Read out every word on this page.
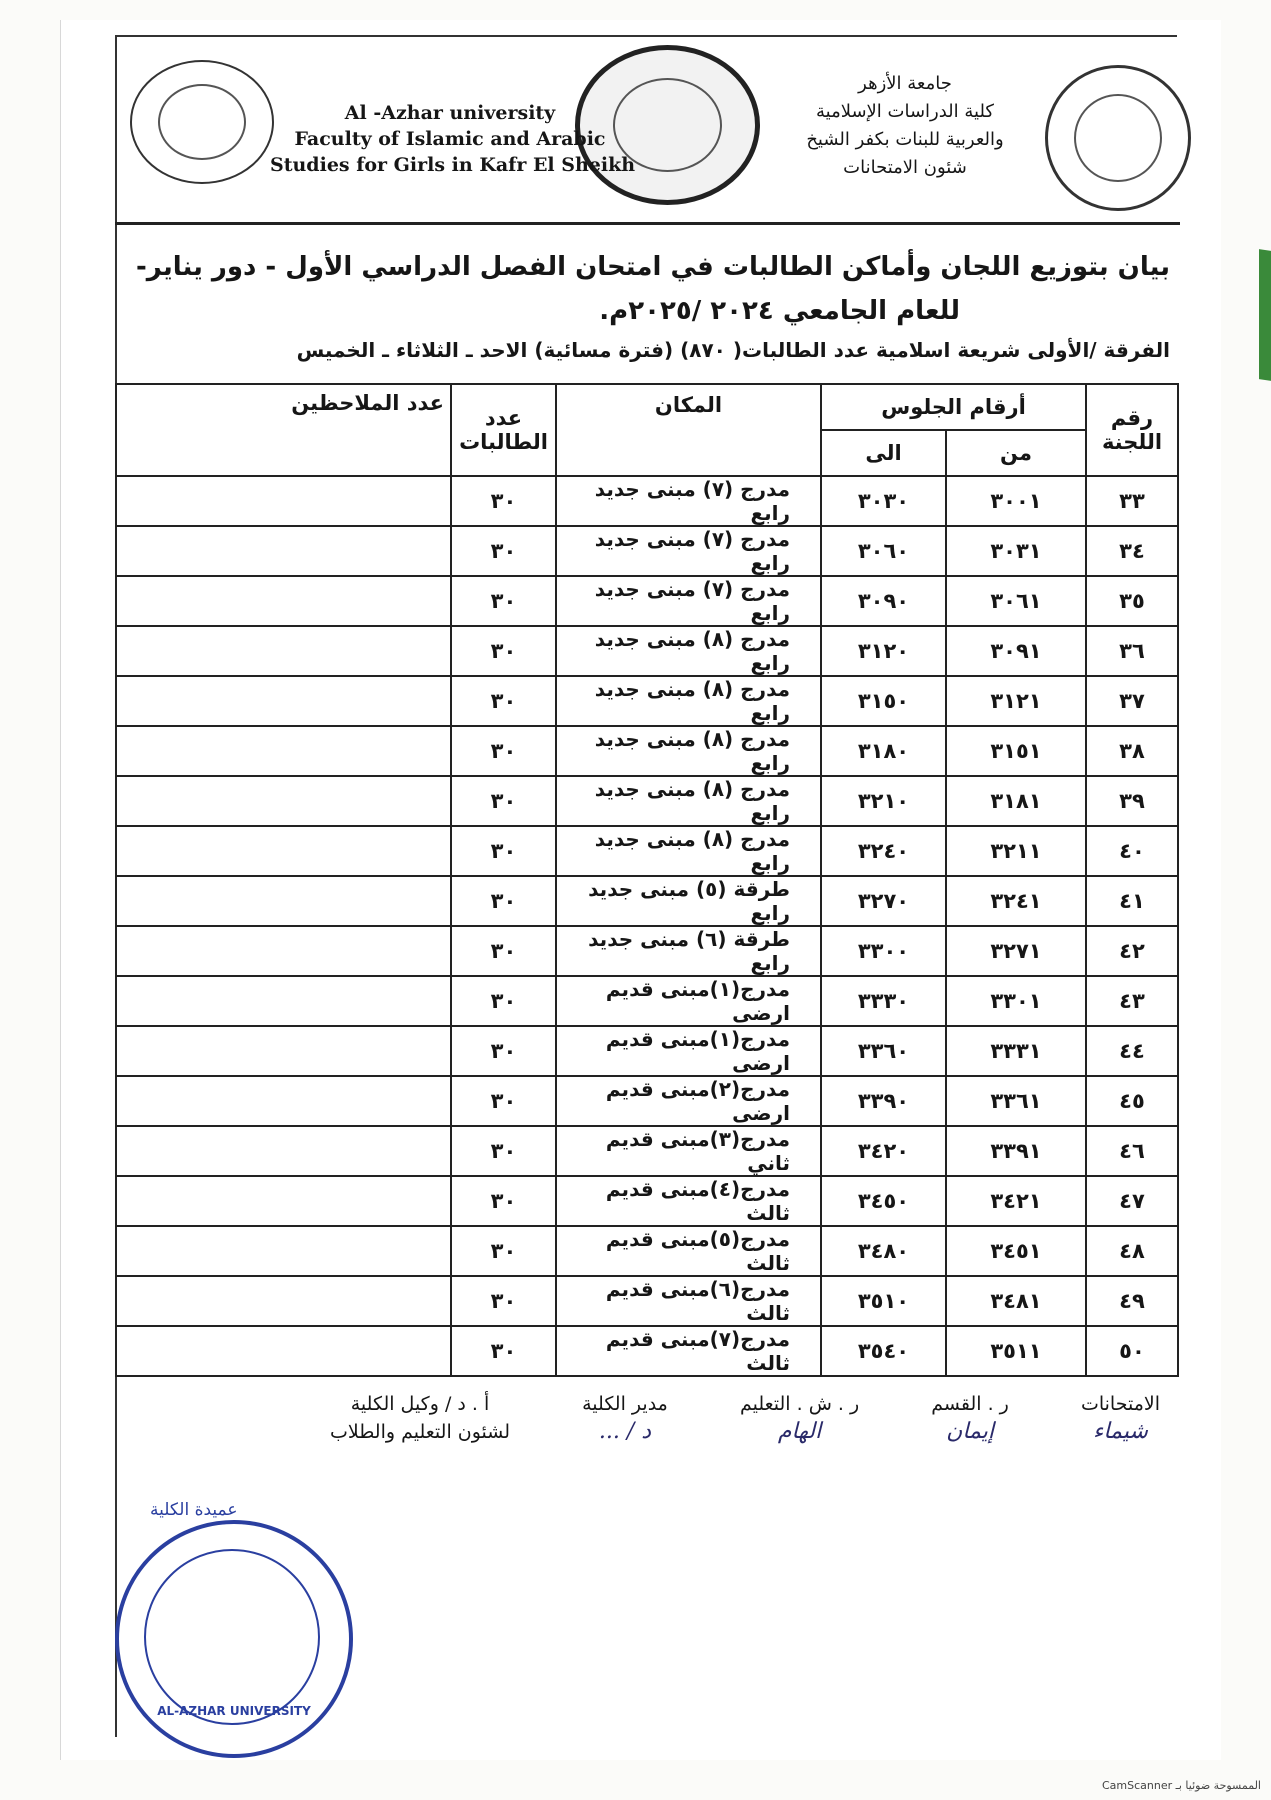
Al -Azhar university
Faculty of Islamic and Arabic
Studies for Girls in Kafr El Sheikh
جامعة الأزهر
كلية الدراسات الإسلامية
والعربية للبنات بكفر الشيخ
شئون الامتحانات
بيان بتوزيع اللجان وأماكن الطالبات في امتحان الفصل الدراسي الأول - دور يناير-
للعام الجامعي ٢٠٢٤ /٢٠٢٥م.
الفرقة /الأولى شريعة اسلامية عدد الطالبات( ٨٧٠) (فترة مسائية) الاحد ـ الثلاثاء ـ الخميس
رقم اللجنة	أرقام الجلوس		المكان	عدد الطالبات	عدد الملاحظين

	من	الى			
٣٣	٣٠٠١	٣٠٣٠	مدرج (٧) مبنى جديد رابع	٣٠	
٣٤	٣٠٣١	٣٠٦٠	مدرج (٧) مبنى جديد رابع	٣٠	
٣٥	٣٠٦١	٣٠٩٠	مدرج (٧) مبنى جديد رابع	٣٠	
٣٦	٣٠٩١	٣١٢٠	مدرج (٨) مبنى جديد رابع	٣٠	
٣٧	٣١٢١	٣١٥٠	مدرج (٨) مبنى جديد رابع	٣٠	
٣٨	٣١٥١	٣١٨٠	مدرج (٨) مبنى جديد رابع	٣٠	
٣٩	٣١٨١	٣٢١٠	مدرج (٨) مبنى جديد رابع	٣٠	
٤٠	٣٢١١	٣٢٤٠	مدرج (٨) مبنى جديد رابع	٣٠	
٤١	٣٢٤١	٣٢٧٠	طرقة (٥) مبنى جديد رابع	٣٠	
٤٢	٣٢٧١	٣٣٠٠	طرقة (٦) مبنى جديد رابع	٣٠	
٤٣	٣٣٠١	٣٣٣٠	مدرج(١)مبنى قديم ارضى	٣٠	
٤٤	٣٣٣١	٣٣٦٠	مدرج(١)مبنى قديم ارضى	٣٠	
٤٥	٣٣٦١	٣٣٩٠	مدرج(٢)مبنى قديم ارضى	٣٠	
٤٦	٣٣٩١	٣٤٢٠	مدرج(٣)مبنى قديم ثاني	٣٠	
٤٧	٣٤٢١	٣٤٥٠	مدرج(٤)مبنى قديم ثالث	٣٠	
٤٨	٣٤٥١	٣٤٨٠	مدرج(٥)مبنى قديم ثالث	٣٠	
٤٩	٣٤٨١	٣٥١٠	مدرج(٦)مبنى قديم ثالث	٣٠	
٥٠	٣٥١١	٣٥٤٠	مدرج(٧)مبنى قديم ثالث	٣٠	
الامتحانات
شيماء
ر . القسم
إيمان
ر . ش . التعليم
الهام
مدير الكلية
د / ...
أ . د / وكيل الكلية
لشئون التعليم والطلاب
عميدة الكلية
AL-AZHAR UNIVERSITY
الممسوحة ضوئيا بـ CamScanner
